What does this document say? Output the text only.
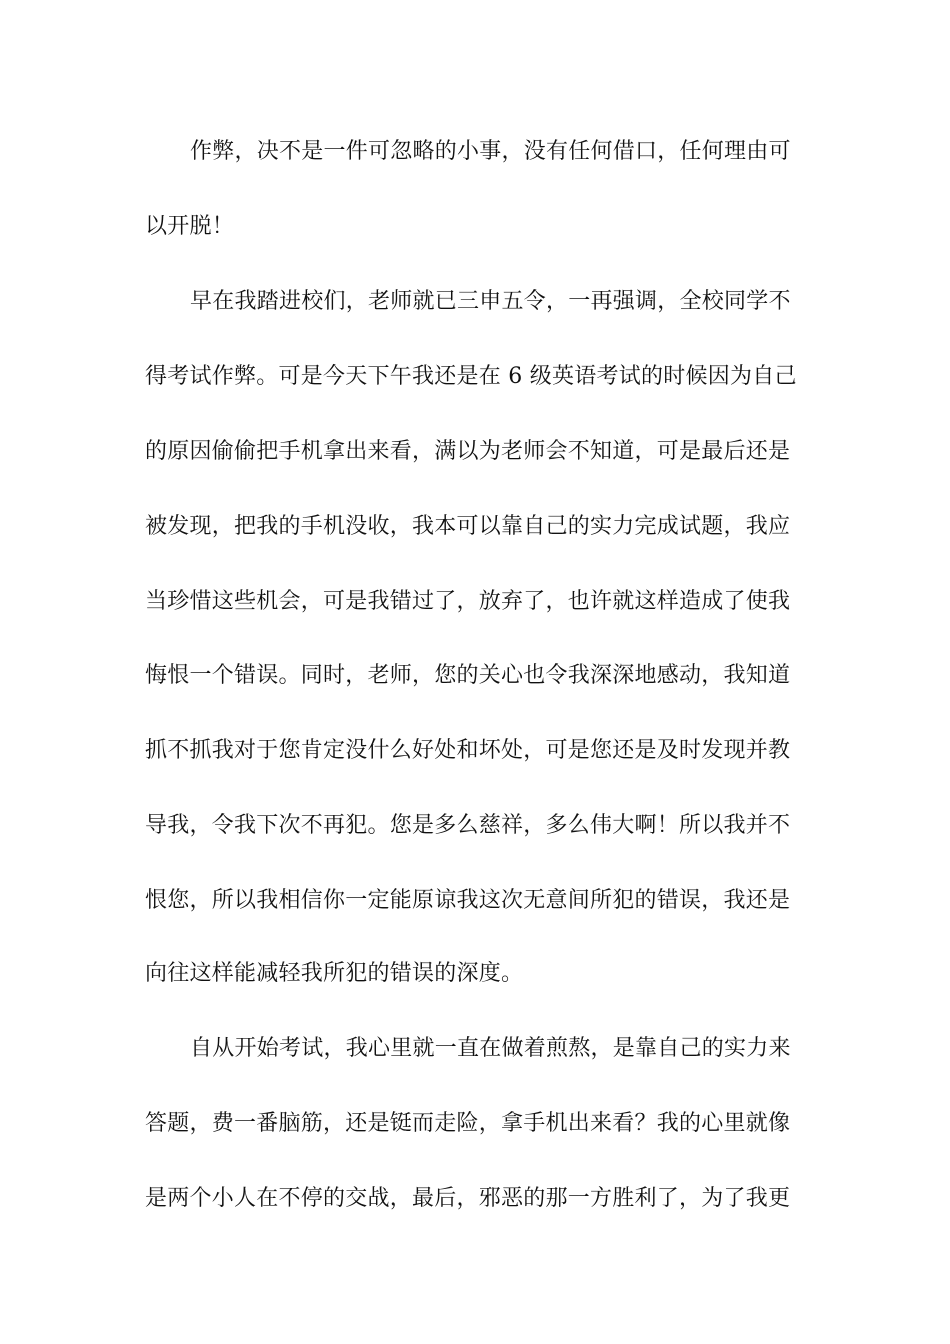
作弊，决不是一件可忽略的小事，没有任何借口，任何理由可
以开脱！
早在我踏进校们，老师就已三申五令，一再强调，全校同学不
得考试作弊。可是今天下午我还是在 6 级英语考试的时候因为自己
的原因偷偷把手机拿出来看，满以为老师会不知道，可是最后还是
被发现，把我的手机没收，我本可以靠自己的实力完成试题，我应
当珍惜这些机会，可是我错过了，放弃了，也许就这样造成了使我
悔恨一个错误。同时，老师，您的关心也令我深深地感动，我知道
抓不抓我对于您肯定没什么好处和坏处，可是您还是及时发现并教
导我，令我下次不再犯。您是多么慈祥，多么伟大啊！所以我并不
恨您，所以我相信你一定能原谅我这次无意间所犯的错误，我还是
向往这样能减轻我所犯的错误的深度。
自从开始考试，我心里就一直在做着煎熬，是靠自己的实力来
答题，费一番脑筋，还是铤而走险，拿手机出来看？我的心里就像
是两个小人在不停的交战，最后，邪恶的那一方胜利了，为了我更
